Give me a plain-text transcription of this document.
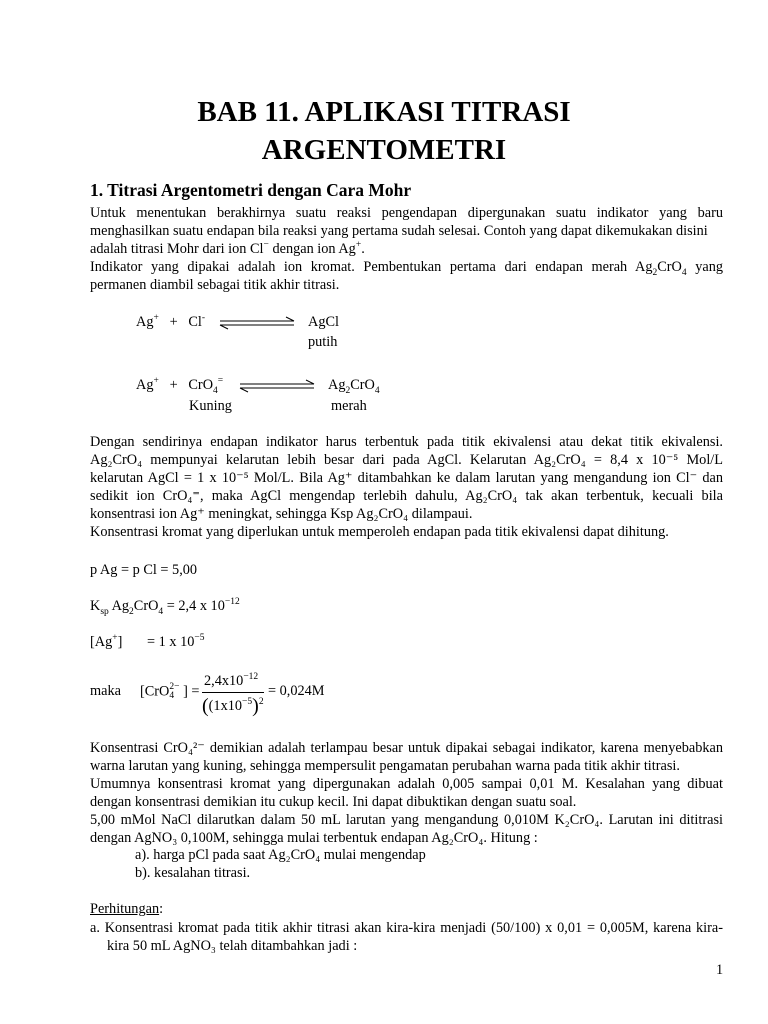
BAB 11. APLIKASI TITRASI
ARGENTOMETRI
1. Titrasi Argentometri dengan Cara Mohr
Untuk menentukan berakhirnya suatu reaksi pengendapan dipergunakan suatu indikator yang baru
menghasilkan suatu endapan bila reaksi yang pertama sudah selesai. Contoh yang dapat dikemukakan disini
adalah titrasi Mohr dari ion Cl− dengan ion Ag+.
Indikator yang dipakai adalah ion kromat. Pembentukan pertama dari endapan merah $Ag_2CrO_4$ yang
permanen diambil sebagai titik akhir titrasi.
Ag+ + Cl-	AgCl
putih
Ag+ + CrO$_4$=
Kuning
$Ag_2CrO_4$
merah
Dengan sendirinya endapan indikator harus terbentuk pada titik ekivalensi atau dekat titik ekivalensi.
Ag₂CrO₄ mempunyai kelarutan lebih besar dari pada AgCl. Kelarutan Ag₂CrO₄ = 8,4 x 10⁻⁵ Mol/L
kelarutan AgCl = 1 x 10⁻⁵ Mol/L. Bila Ag⁺ ditambahkan ke dalam larutan yang mengandung ion Cl⁻ dan
sedikit ion CrO₄⁼, maka AgCl mengendap terlebih dahulu, Ag₂CrO₄ tak akan terbentuk, kecuali bila
konsentrasi ion Ag⁺ meningkat, sehingga Ksp Ag₂CrO₄ dilampaui.
Konsentrasi kromat yang diperlukan untuk memperoleh endapan pada titik ekivalensi dapat dihitung.
p Ag = p Cl = 5,00
$K_{sp}$ $Ag_2CrO_4 = 2,4$ x $10^{-12}$
[Ag+] = 1 x $10^{-5}$
maka [CrO 2−
4 ] =
$2,4x10^{-12}$
($(1x10^{-5})^2$
= 0,024M
Konsentrasi CrO₄²⁻ demikian adalah terlampau besar untuk dipakai sebagai indikator, karena menyebabkan
warna larutan yang kuning, sehingga mempersulit pengamatan perubahan warna pada titik akhir titrasi.
Umumnya konsentrasi kromat yang dipergunakan adalah 0,005 sampai 0,01 M. Kesalahan yang dibuat
dengan konsentrasi demikian itu cukup kecil. Ini dapat dibuktikan dengan suatu soal.
5,00 mMol NaCl dilarutkan dalam 50 mL larutan yang mengandung 0,010M K₂CrO₄. Larutan ini dititrasi
dengan AgNO₃ 0,100M, sehingga mulai terbentuk endapan Ag₂CrO₄. Hitung :
a). harga pCl pada saat Ag₂CrO₄ mulai mengendap
b). kesalahan titrasi.
Perhitungan:
a. Konsentrasi kromat pada titik akhir titrasi akan kira-kira menjadi (50/100) x 0,01 = 0,005M, karena kira-
kira 50 mL AgNO₃ telah ditambahkan jadi :
1
